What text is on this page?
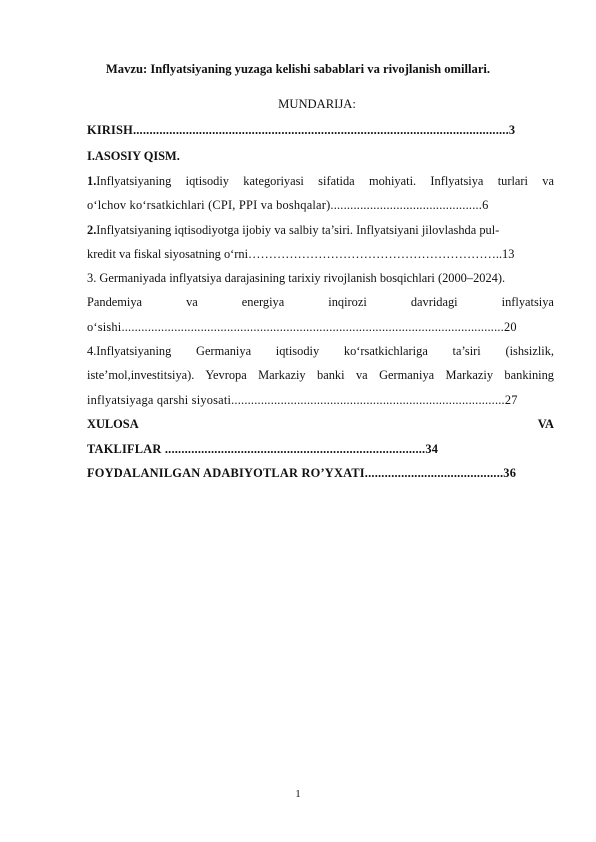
Mavzu: Inflyatsiyaning yuzaga kelishi sabablari va rivojlanish omillari.
MUNDARIJA:
KIRISH..................................................................................................................3
I.ASOSIY QISM.
1.Inflyatsiyaning iqtisodiy kategoriyasi sifatida mohiyati. Inflyatsiya turlari va
o‘lchov ko‘rsatkichlari (CPI, PPI va boshqalar)..............................................6
2.Inflyatsiyaning iqtisodiyotga ijobiy va salbiy ta’siri. Inflyatsiyani jilovlashda pul-
kredit va fiskal siyosatning o‘rni……………………………………………………..13
3. Germaniyada inflyatsiya darajasining tarixiy rivojlanish bosqichlari (2000–2024).
Pandemiya	va	energiya	inqirozi	davridagi	inflyatsiya
o‘sishi....................................................................................................................20
4.Inflyatsiyaning Germaniya iqtisodiy ko‘rsatkichlariga ta’siri (ishsizlik,
iste’mol,investitsiya). Yevropa Markaziy banki va Germaniya Markaziy bankining
inflyatsiyaga qarshi siyosati...................................................................................27
XULOSA	VA
TAKLIFLAR ...............................................................................34
FOYDALANILGAN ADABIYOTLAR RO’YXATI..........................................36
1
